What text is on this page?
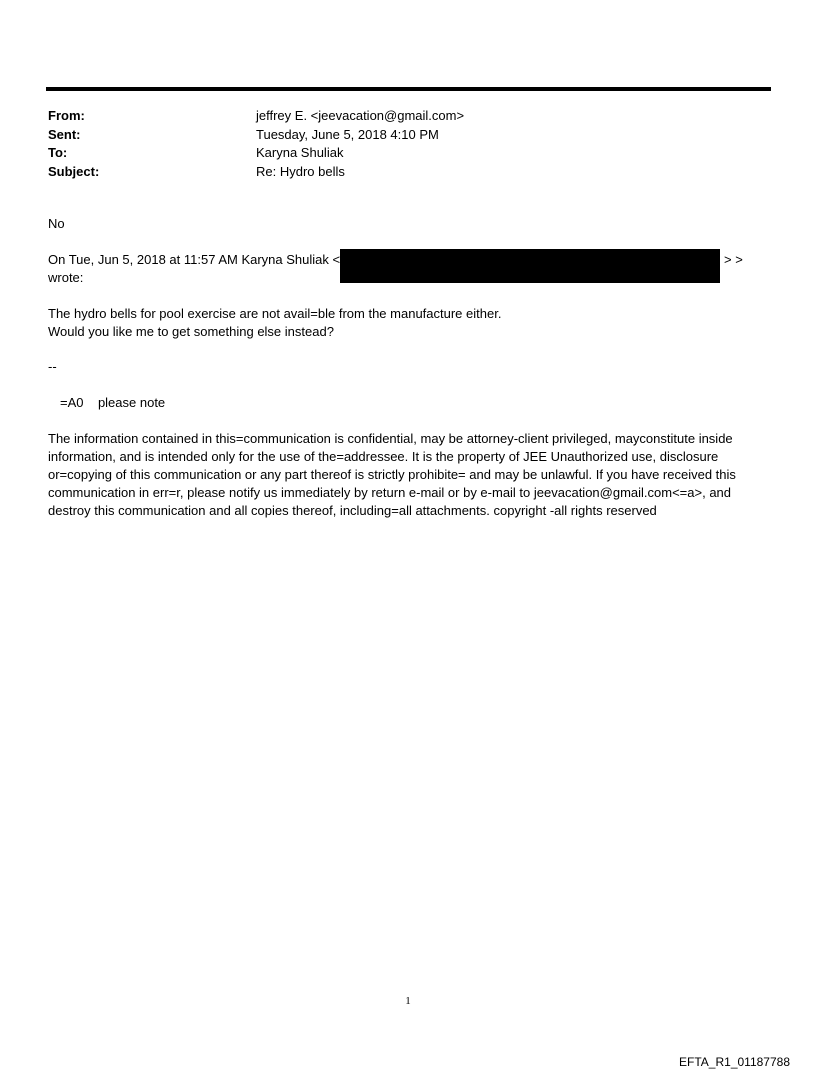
From:	jeffrey E. <jeevacation@gmail.com>
Sent:	Tuesday, June 5, 2018 4:10 PM
To:	Karyna Shuliak
Subject:	Re: Hydro bells
No
On Tue, Jun 5, 2018 at 11:57 AM Karyna Shuliak <	> >
wrote:
The hydro bells for pool exercise are not avail=ble from the manufacture either.
Would you like me to get something else instead?
--
=A0    please note
The information contained in this=communication is confidential, may be attorney-client privileged, mayconstitute inside information, and is intended only for the use of the=addressee. It is the property of JEE Unauthorized use, disclosure or=copying of this communication or any part thereof is strictly prohibite= and may be unlawful. If you have received this communication in err=r, please notify us immediately by return e-mail or by e-mail to jeevacation@gmail.com<=a>, and destroy this communication and all copies thereof, including=all attachments. copyright -all rights reserved
1
EFTA_R1_01187788
